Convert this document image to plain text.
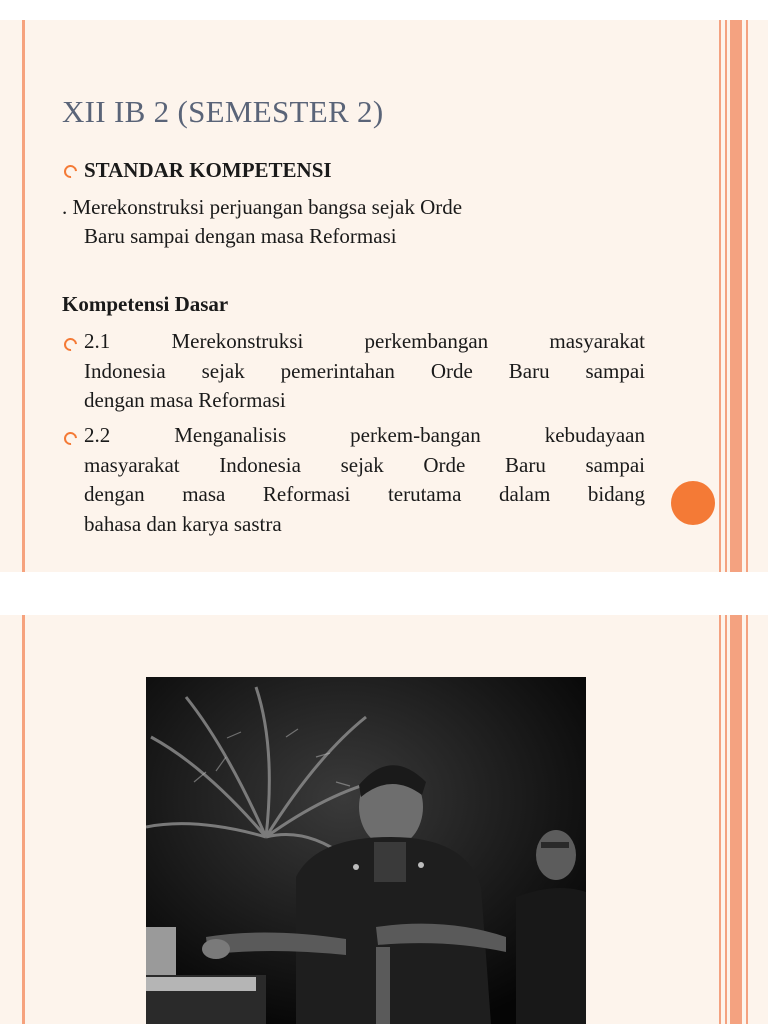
XII IB 2 (SEMESTER 2)
STANDAR KOMPETENSI
. Merekonstruksi perjuangan bangsa sejak Orde
Baru sampai dengan masa Reformasi
Kompetensi Dasar
2.1 Merekonstruksi perkembangan masyarakat
Indonesia sejak pemerintahan Orde Baru sampai
dengan masa Reformasi
2.2 Menganalisis perkem-bangan kebudayaan
masyarakat Indonesia sejak Orde Baru sampai
dengan masa Reformasi terutama dalam bidang
bahasa dan karya sastra
